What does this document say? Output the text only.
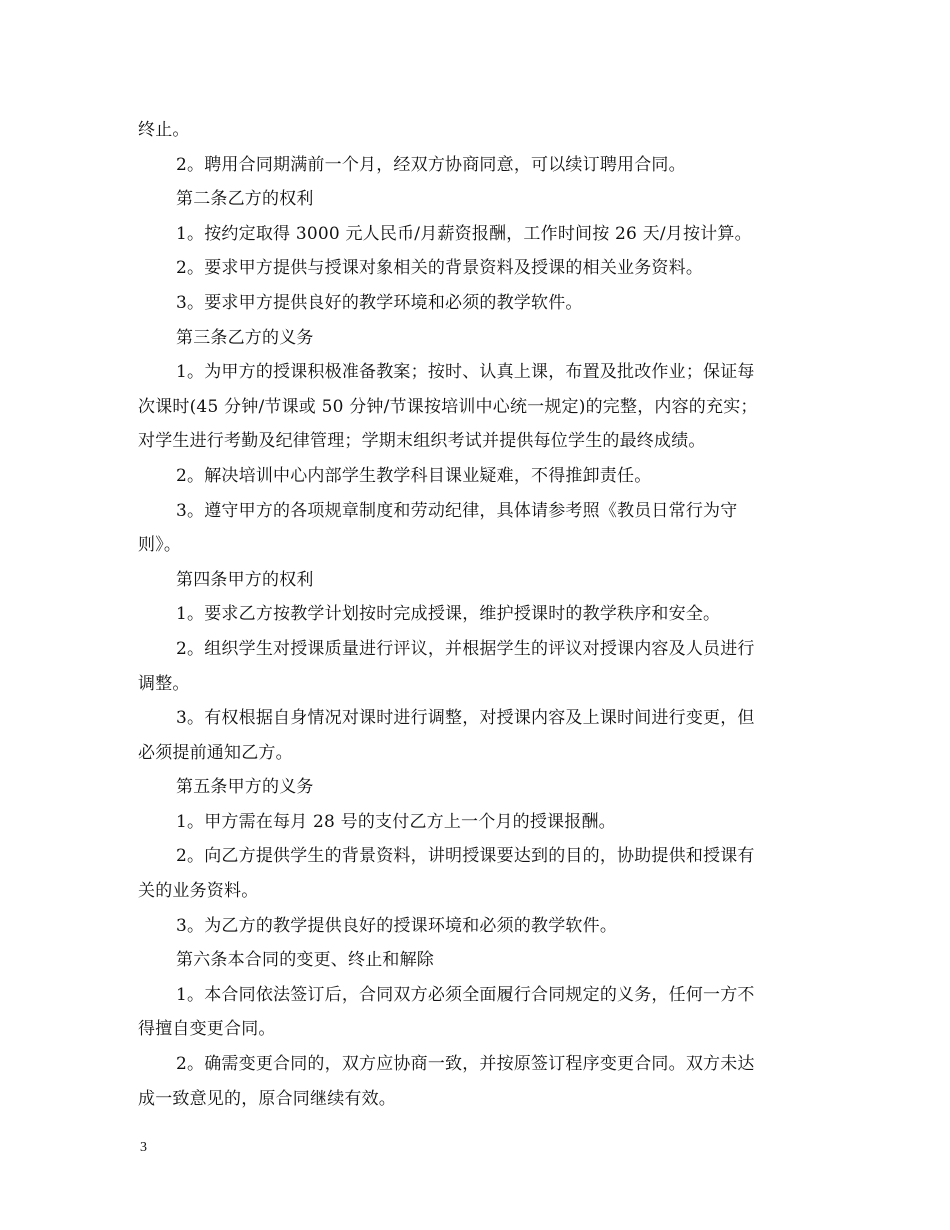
终止。
2。聘用合同期满前一个月，经双方协商同意，可以续订聘用合同。
第二条乙方的权利
1。按约定取得 3000 元人民币/月薪资报酬，工作时间按 26 天/月按计算。
2。要求甲方提供与授课对象相关的背景资料及授课的相关业务资料。
3。要求甲方提供良好的教学环境和必须的教学软件。
第三条乙方的义务
1。为甲方的授课积极准备教案；按时、认真上课，布置及批改作业；保证每
次课时(45 分钟/节课或 50 分钟/节课按培训中心统一规定)的完整，内容的充实；
对学生进行考勤及纪律管理；学期末组织考试并提供每位学生的最终成绩。
2。解决培训中心内部学生教学科目课业疑难，不得推卸责任。
3。遵守甲方的各项规章制度和劳动纪律，具体请参考照《教员日常行为守
则》。
第四条甲方的权利
1。要求乙方按教学计划按时完成授课，维护授课时的教学秩序和安全。
2。组织学生对授课质量进行评议，并根据学生的评议对授课内容及人员进行
调整。
3。有权根据自身情况对课时进行调整，对授课内容及上课时间进行变更，但
必须提前通知乙方。
第五条甲方的义务
1。甲方需在每月 28 号的支付乙方上一个月的授课报酬。
2。向乙方提供学生的背景资料，讲明授课要达到的目的，协助提供和授课有
关的业务资料。
3。为乙方的教学提供良好的授课环境和必须的教学软件。
第六条本合同的变更、终止和解除
1。本合同依法签订后，合同双方必须全面履行合同规定的义务，任何一方不
得擅自变更合同。
2。确需变更合同的，双方应协商一致，并按原签订程序变更合同。双方未达
成一致意见的，原合同继续有效。
3
